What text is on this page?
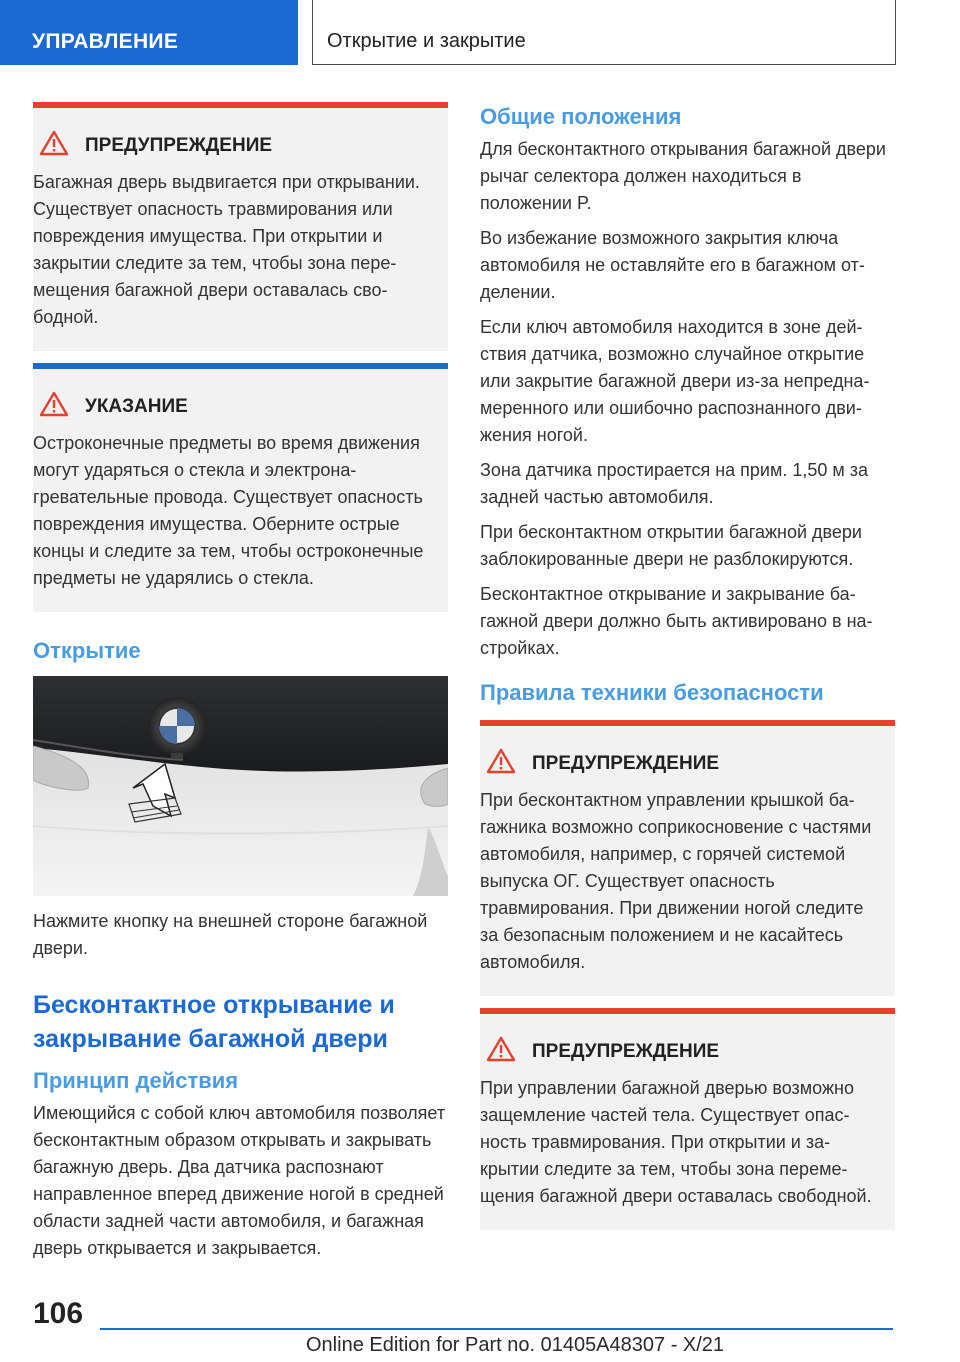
УПРАВЛЕНИЕ	Открытие и закрытие
ПРЕДУПРЕЖДЕНИЕ
Багажная дверь выдвигается при открывании. Существует опасность травмирования или повреждения имущества. При открытии и закрытии следите за тем, чтобы зона перемещения багажной двери оставалась свободной.
УКАЗАНИЕ
Остроконечные предметы во время движения могут ударяться о стекла и электронагревательные провода. Существует опасность повреждения имущества. Оберните острые концы и следите за тем, чтобы остроконечные предметы не ударялись о стекла.
Открытие
Нажмите кнопку на внешней стороне багажной двери.
Бесконтактное открывание и закрывание багажной двери
Принцип действия
Имеющийся с собой ключ автомобиля позволяет бесконтактным образом открывать и закрывать багажную дверь. Два датчика распознают направленное вперед движение ногой в средней области задней части автомобиля, и багажная дверь открывается и закрывается.
Общие положения
Для бесконтактного открывания багажной двери рычаг селектора должен находиться в положении P.
Во избежание возможного закрытия ключа автомобиля не оставляйте его в багажном отделении.
Если ключ автомобиля находится в зоне действия датчика, возможно случайное открытие или закрытие багажной двери из-за непреднамеренного или ошибочно распознанного движения ногой.
Зона датчика простирается на прим. 1,50 м за задней частью автомобиля.
При бесконтактном открытии багажной двери заблокированные двери не разблокируются.
Бесконтактное открывание и закрывание багажной двери должно быть активировано в настройках.
Правила техники безопасности
ПРЕДУПРЕЖДЕНИЕ
При бесконтактном управлении крышкой багажника возможно соприкосновение с частями автомобиля, например, с горячей системой выпуска ОГ. Существует опасность травмирования. При движении ногой следите за безопасным положением и не касайтесь автомобиля.
ПРЕДУПРЕЖДЕНИЕ
При управлении багажной дверью возможно защемление частей тела. Существует опасность травмирования. При открытии и закрытии следите за тем, чтобы зона перемещения багажной двери оставалась свободной.
106
Online Edition for Part no. 01405A48307 - X/21
